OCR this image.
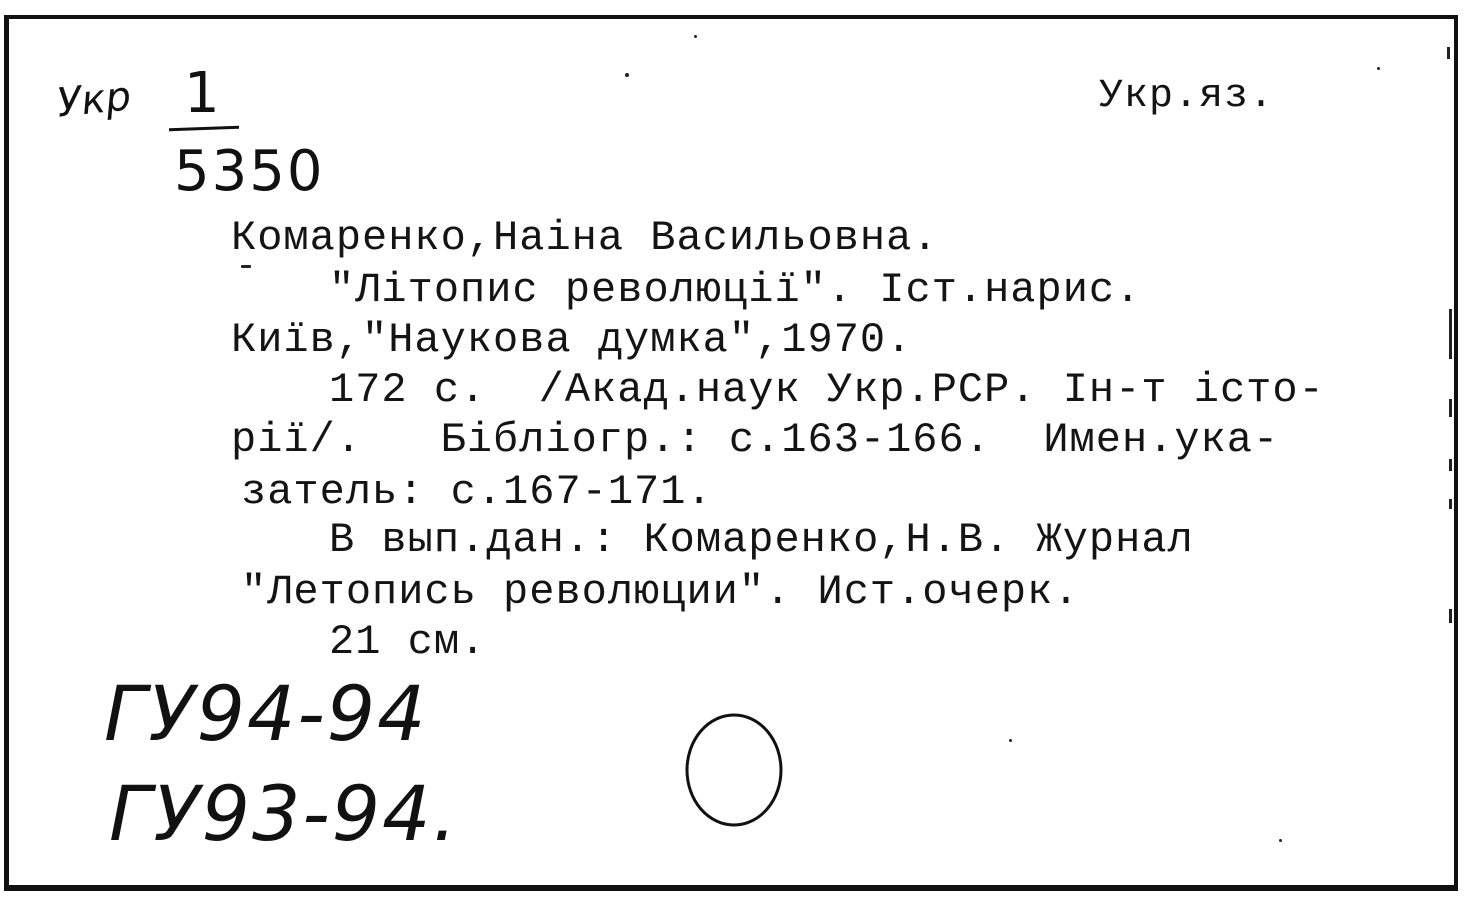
Укр 1
5350
Укр.яз.
Комаренко,Наіна Васильовна.
"Літопис революції". Іст.нарис.
Київ,"Наукова думка",1970.
172 с.  /Акад.наук Укр.РСР. Ін-т істо-
рії/.   Бібліогр.: с.163-166.  Имен.ука-
затель: с.167-171.
В вып.дан.: Комаренко,Н.В. Журнал
"Летопись революции". Ист.очерк.
21 см.
ГУ94-94
ГУ93-94.
